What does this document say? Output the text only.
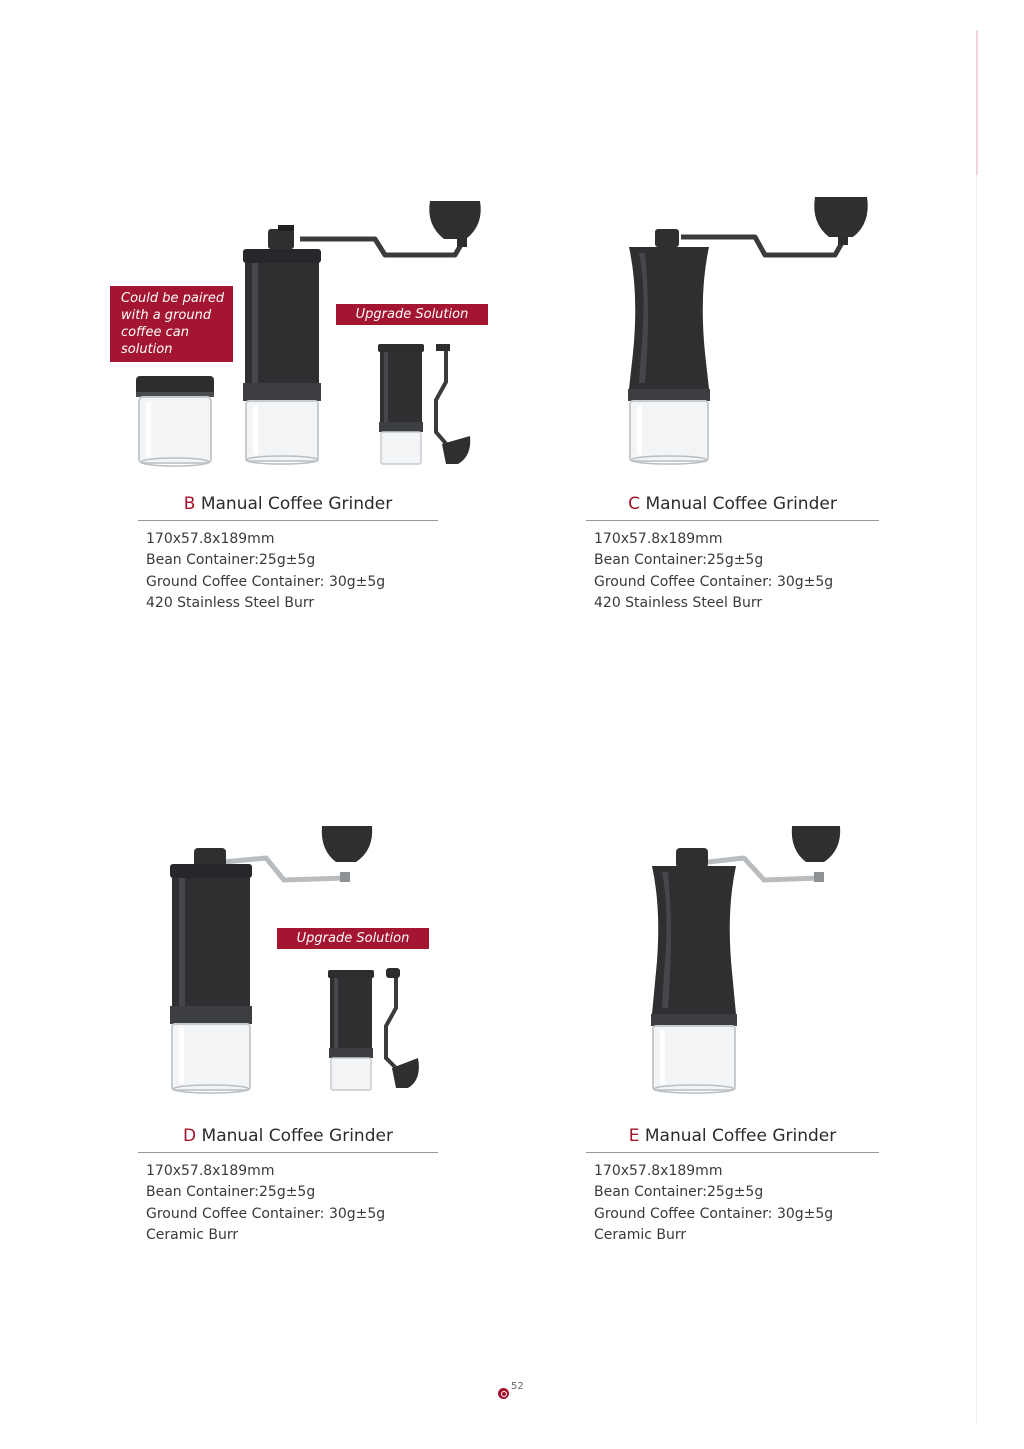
Could be paired with a ground coffee can solution
Upgrade Solution
B Manual Coffee Grinder
170x57.8x189mm
Bean Container:25g±5g
Ground Coffee Container: 30g±5g
420 Stainless Steel Burr
C Manual Coffee Grinder
170x57.8x189mm
Bean Container:25g±5g
Ground Coffee Container: 30g±5g
420 Stainless Steel Burr
Upgrade Solution
D Manual Coffee Grinder
170x57.8x189mm
Bean Container:25g±5g
Ground Coffee Container: 30g±5g
Ceramic Burr
E Manual Coffee Grinder
170x57.8x189mm
Bean Container:25g±5g
Ground Coffee Container: 30g±5g
Ceramic Burr
52
